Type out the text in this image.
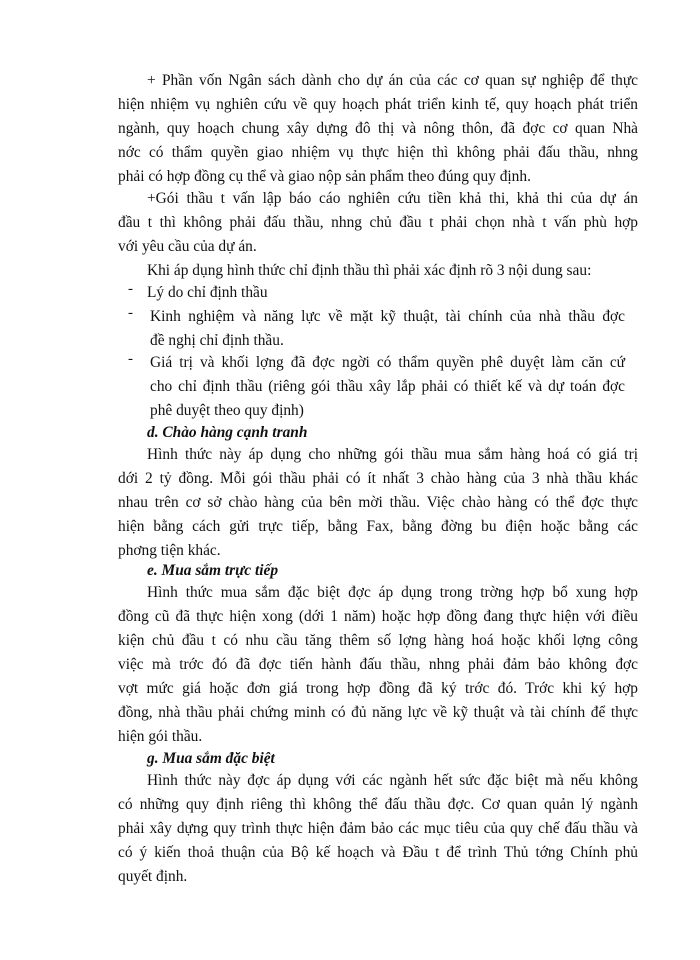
+ Phần vốn Ngân sách dành cho dự án của các cơ quan sự nghiệp để thực
hiện nhiệm vụ nghiên cứu về quy hoạch phát triển kinh tế, quy hoạch phát triển
ngành, quy hoạch chung xây dựng đô thị và nông thôn, đã đợc cơ quan Nhà
nớc có thẩm quyền giao nhiệm vụ thực hiện thì không phải đấu thầu, nhng
phải có hợp đồng cụ thể và giao nộp sản phẩm theo đúng quy định.
+Gói thầu t vấn lập báo cáo nghiên cứu tiền khả thi, khả thi của dự án
đầu t thì không phải đấu thầu, nhng chủ đầu t phải chọn nhà t vấn phù hợp
với yêu cầu của dự án.
Khi áp dụng hình thức chỉ định thầu thì phải xác định rõ 3 nội dung sau:
- Lý do chỉ định thầu
-	Kinh nghiệm và năng lực về mặt kỹ thuật, tài chính của nhà thầu đợc
đề nghị chỉ định thầu.
-	Giá trị và khối lợng đã đợc ngời có thẩm quyền phê duyệt làm căn cứ
cho chỉ định thầu (riêng gói thầu xây lắp phải có thiết kế và dự toán đợc
phê duyệt theo quy định)
d. Chào hàng cạnh tranh
Hình thức này áp dụng cho những gói thầu mua sắm hàng hoá có giá trị
dới 2 tỷ đồng. Mỗi gói thầu phải có ít nhất 3 chào hàng của 3 nhà thầu khác
nhau trên cơ sở chào hàng của bên mời thầu. Việc chào hàng có thể đợc thực
hiện bằng cách gửi trực tiếp, bằng Fax, bằng đờng bu điện hoặc bằng các
phơng tiện khác.
e. Mua sắm trực tiếp
Hình thức mua sắm đặc biệt đợc áp dụng trong trờng hợp bổ xung hợp
đồng cũ đã thực hiện xong (dới 1 năm) hoặc hợp đồng đang thực hiện với điều
kiện chủ đầu t có nhu cầu tăng thêm số lợng hàng hoá hoặc khối lợng công
việc mà trớc đó đã đợc tiến hành đấu thầu, nhng phải đảm bảo không đợc
vợt mức giá hoặc đơn giá trong hợp đồng đã ký trớc đó. Trớc khi ký hợp
đồng, nhà thầu phải chứng minh có đủ năng lực về kỹ thuật và tài chính để thực
hiện gói thầu.
g. Mua sắm đặc biệt
Hình thức này đợc áp dụng với các ngành hết sức đặc biệt mà nếu không
có những quy định riêng thì không thể đấu thầu đợc. Cơ quan quản lý ngành
phải xây dựng quy trình thực hiện đảm bảo các mục tiêu của quy chế đấu thầu và
có ý kiến thoả thuận của Bộ kế hoạch và Đầu t để trình Thủ tớng Chính phủ
quyết định.
